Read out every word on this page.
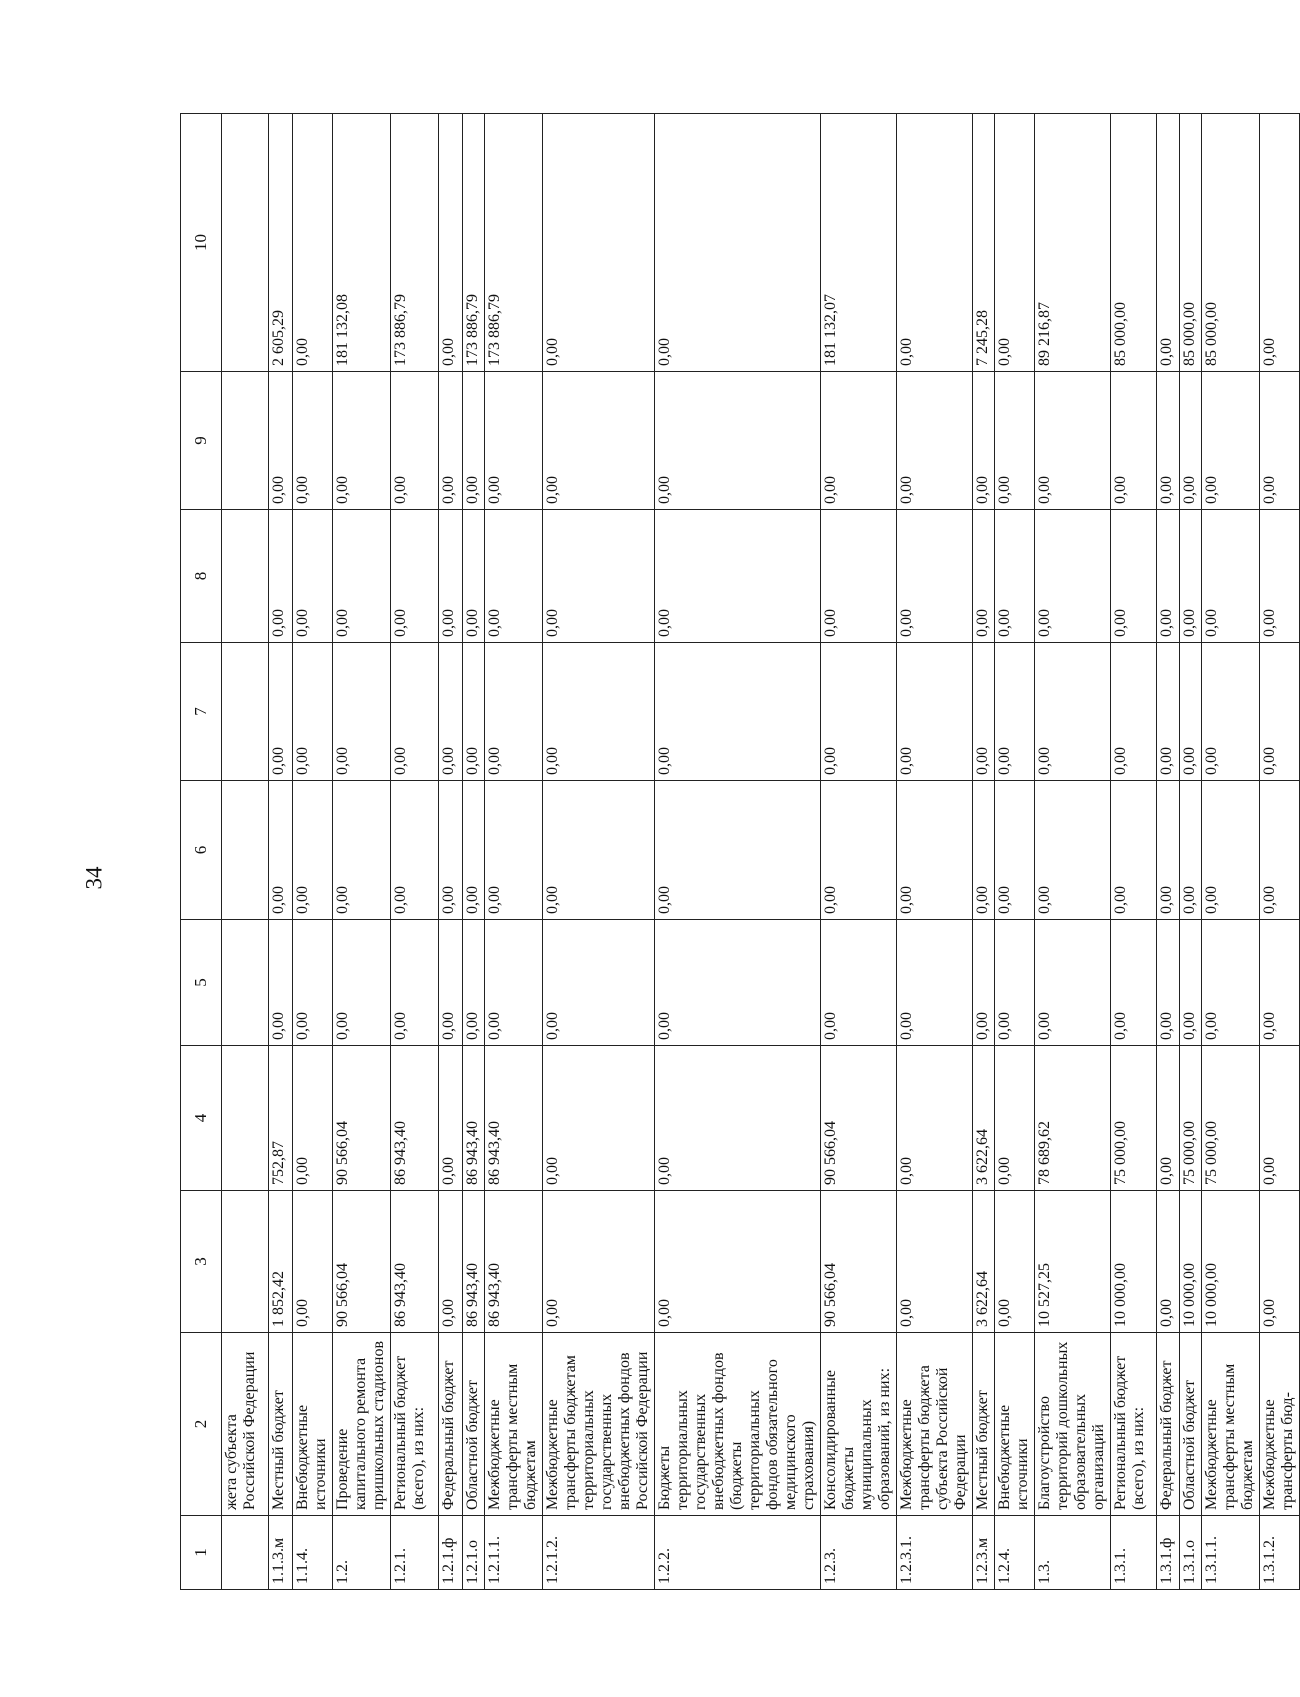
34
1	2	3	4	5	6	7	8	9	10
	жета субъекта Российской Федерации								
1.1.3.м	Местный бюджет	1 852,42	752,87	0,00	0,00	0,00	0,00	0,00	2 605,29
1.1.4.	Внебюджетные источники	0,00	0,00	0,00	0,00	0,00	0,00	0,00	0,00
1.2.	Проведение капитального ремонта пришкольных стадионов	90 566,04	90 566,04	0,00	0,00	0,00	0,00	0,00	181 132,08
1.2.1.	Региональный бюджет (всего), из них:	86 943,40	86 943,40	0,00	0,00	0,00	0,00	0,00	173 886,79
1.2.1.ф	Федеральный бюджет	0,00	0,00	0,00	0,00	0,00	0,00	0,00	0,00
1.2.1.о	Областной бюджет	86 943,40	86 943,40	0,00	0,00	0,00	0,00	0,00	173 886,79
1.2.1.1.	Межбюджетные трансферты местным бюджетам	86 943,40	86 943,40	0,00	0,00	0,00	0,00	0,00	173 886,79
1.2.1.2.	Межбюджетные трансферты бюджетам территориальных государственных внебюджетных фондов Российской Федерации	0,00	0,00	0,00	0,00	0,00	0,00	0,00	0,00
1.2.2.	Бюджеты территориальных государственных внебюджетных фондов (бюджеты территориальных фондов обязательного медицинского страхования)	0,00	0,00	0,00	0,00	0,00	0,00	0,00	0,00
1.2.3.	Консолидированные бюджеты муниципальных образований, из них:	90 566,04	90 566,04	0,00	0,00	0,00	0,00	0,00	181 132,07
1.2.3.1.	Межбюджетные трансферты бюджета субъекта Российской Федерации	0,00	0,00	0,00	0,00	0,00	0,00	0,00	0,00
1.2.3.м	Местный бюджет	3 622,64	3 622,64	0,00	0,00	0,00	0,00	0,00	7 245,28
1.2.4.	Внебюджетные источники	0,00	0,00	0,00	0,00	0,00	0,00	0,00	0,00
1.3.	Благоустройство территорий дошкольных образовательных организаций	10 527,25	78 689,62	0,00	0,00	0,00	0,00	0,00	89 216,87
1.3.1.	Региональный бюджет (всего), из них:	10 000,00	75 000,00	0,00	0,00	0,00	0,00	0,00	85 000,00
1.3.1.ф	Федеральный бюджет	0,00	0,00	0,00	0,00	0,00	0,00	0,00	0,00
1.3.1.о	Областной бюджет	10 000,00	75 000,00	0,00	0,00	0,00	0,00	0,00	85 000,00
1.3.1.1.	Межбюджетные трансферты местным бюджетам	10 000,00	75 000,00	0,00	0,00	0,00	0,00	0,00	85 000,00
1.3.1.2.	Межбюджетные трансферты бюд-	0,00	0,00	0,00	0,00	0,00	0,00	0,00	0,00
